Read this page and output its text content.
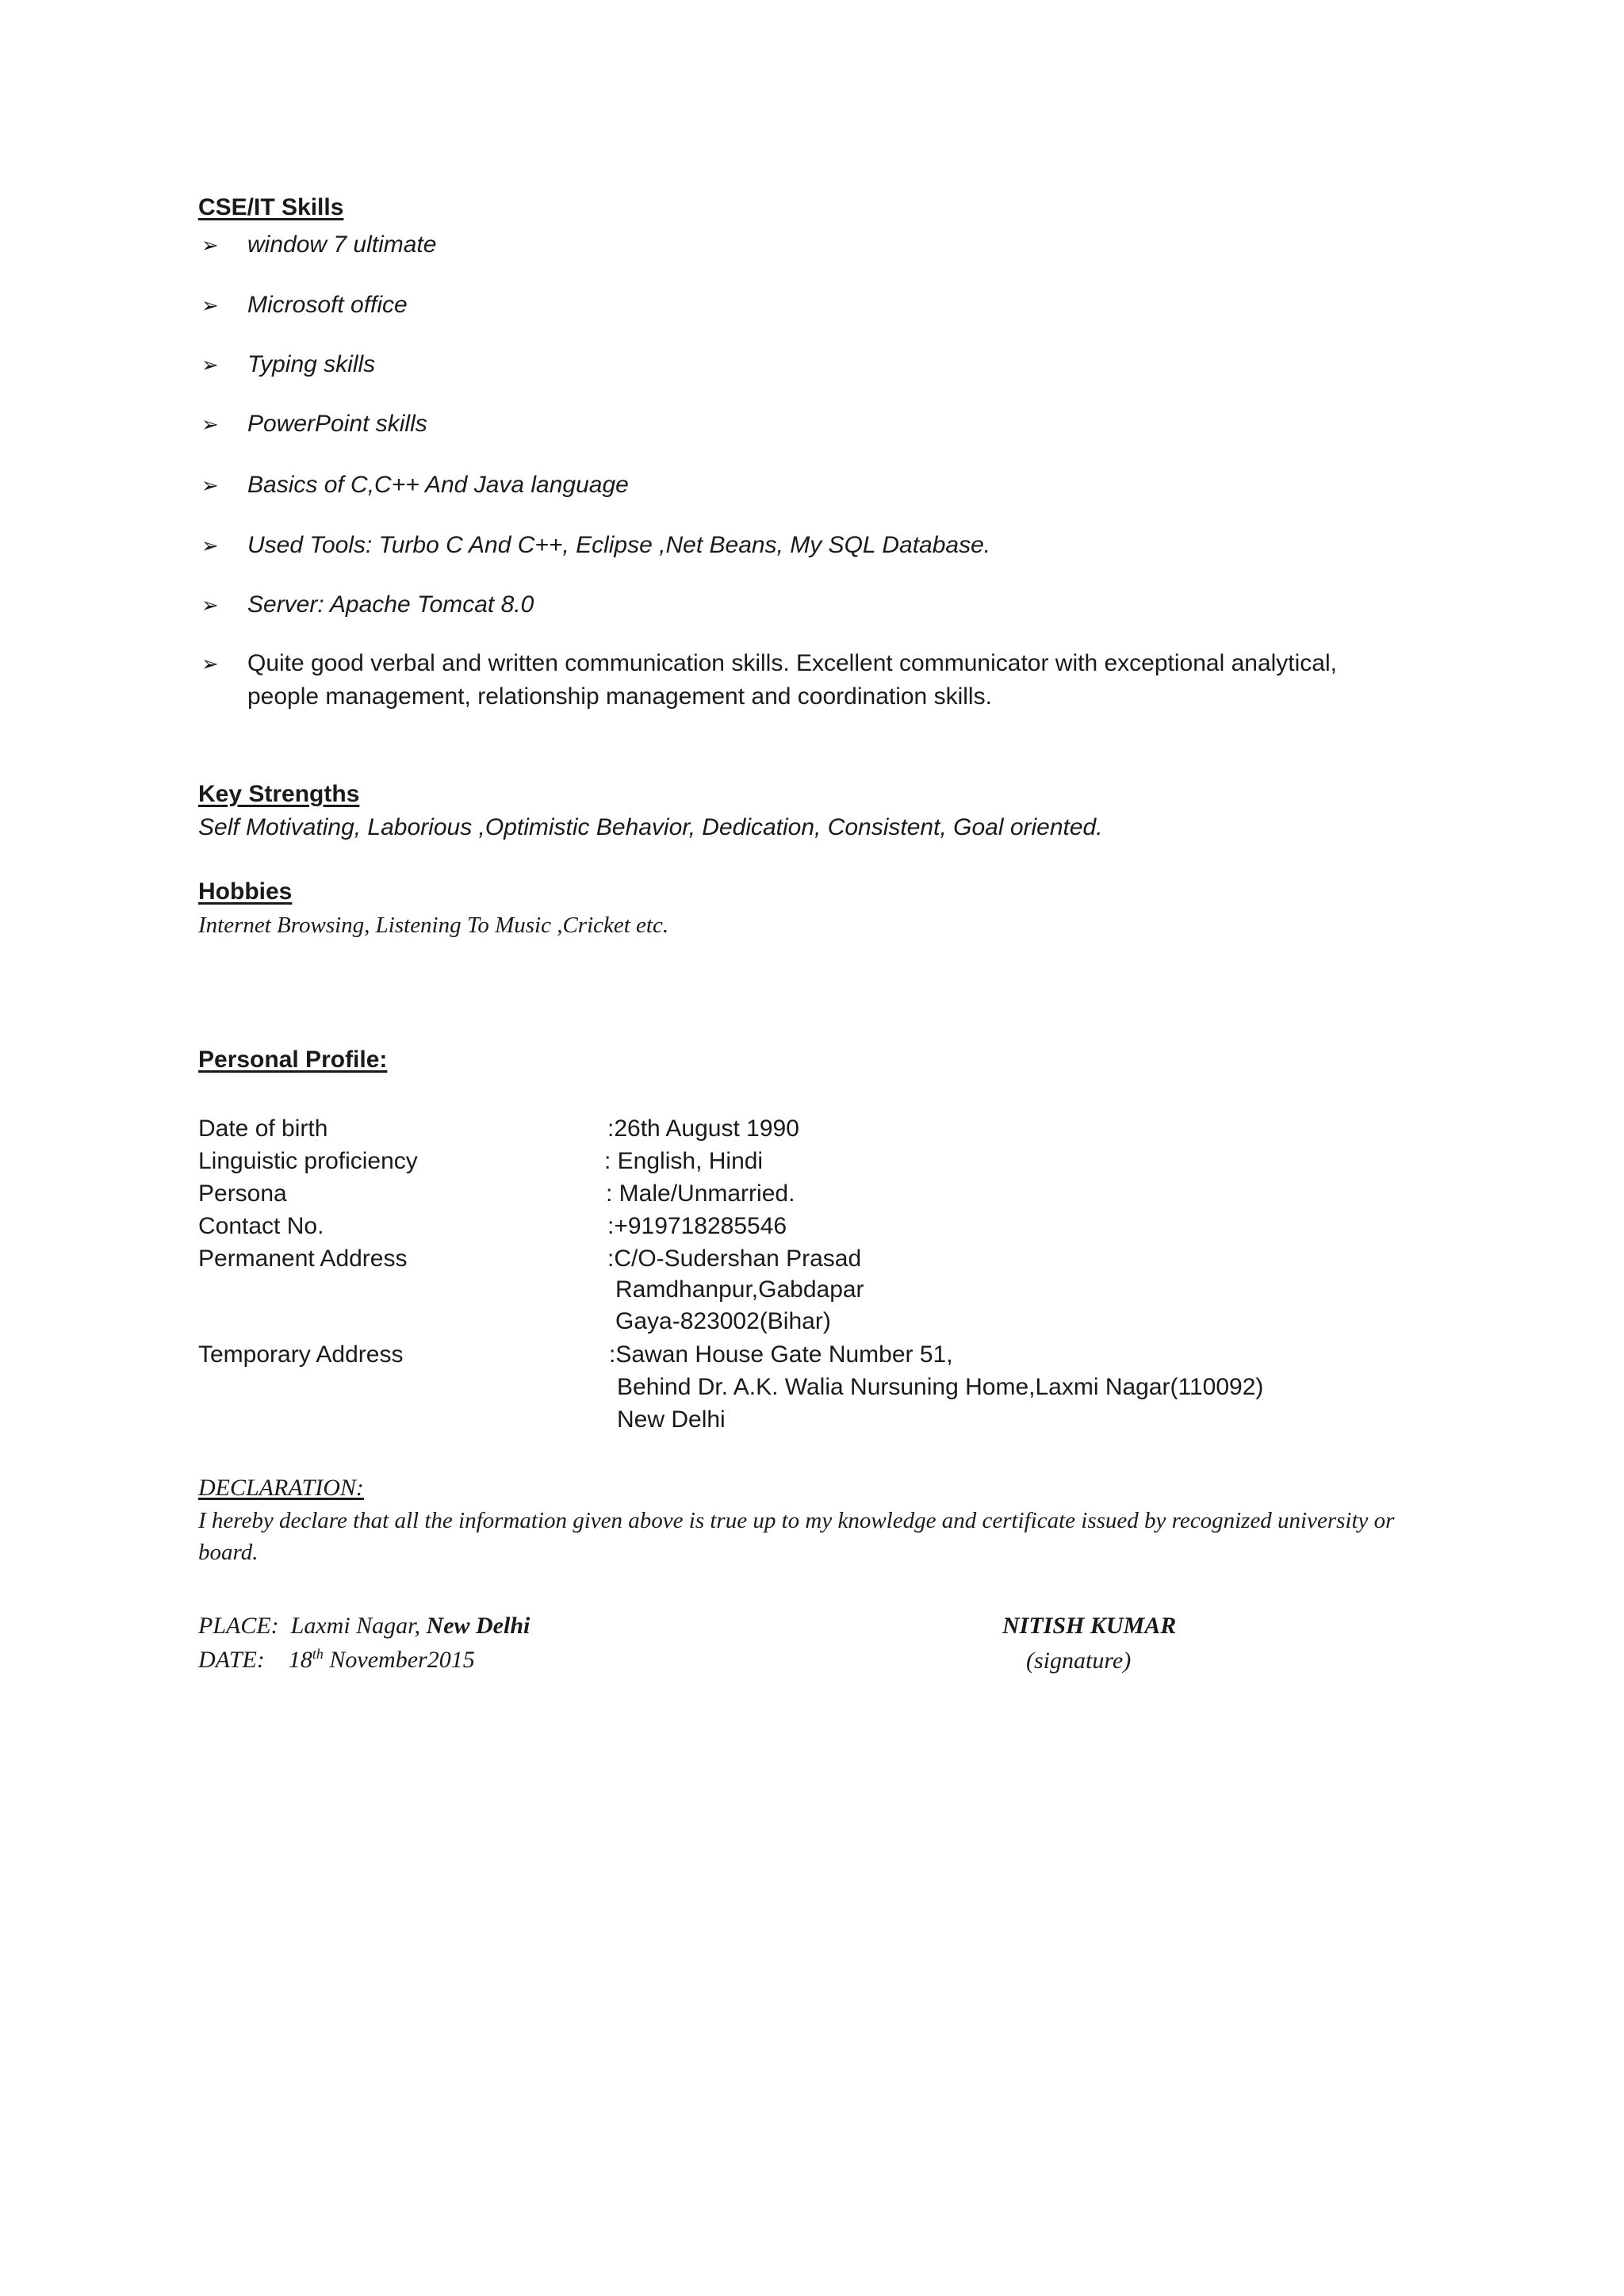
CSE/IT Skills
➢ window 7 ultimate
➢ Microsoft office
➢ Typing skills
➢ PowerPoint skills
➢ Basics of C,C++ And Java language
➢ Used Tools: Turbo C And C++, Eclipse ,Net Beans, My SQL Database.
➢ Server: Apache Tomcat 8.0
➢ Quite good verbal and written communication skills. Excellent communicator with exceptional analytical, people management, relationship management and coordination skills.
Key Strengths
Self Motivating, Laborious ,Optimistic Behavior, Dedication, Consistent, Goal oriented.
Hobbies
Internet Browsing, Listening To Music ,Cricket etc.
Personal Profile:
Date of birth	:26th August 1990
Linguistic proficiency	: English, Hindi
Persona	: Male/Unmarried.
Contact No.	:+919718285546
Permanent Address	:C/O-Sudershan Prasad
Ramdhanpur,Gabdapar
Gaya-823002(Bihar)
Temporary Address	:Sawan House Gate Number 51,
Behind Dr. A.K. Walia Nursuning Home,Laxmi Nagar(110092)
New Delhi
DECLARATION:
I hereby declare that all the information given above is true up to my knowledge and certificate issued by recognized university or board.
PLACE: Laxmi Nagar, New Delhi
DATE: 18th November2015
NITISH KUMAR
(signature)
